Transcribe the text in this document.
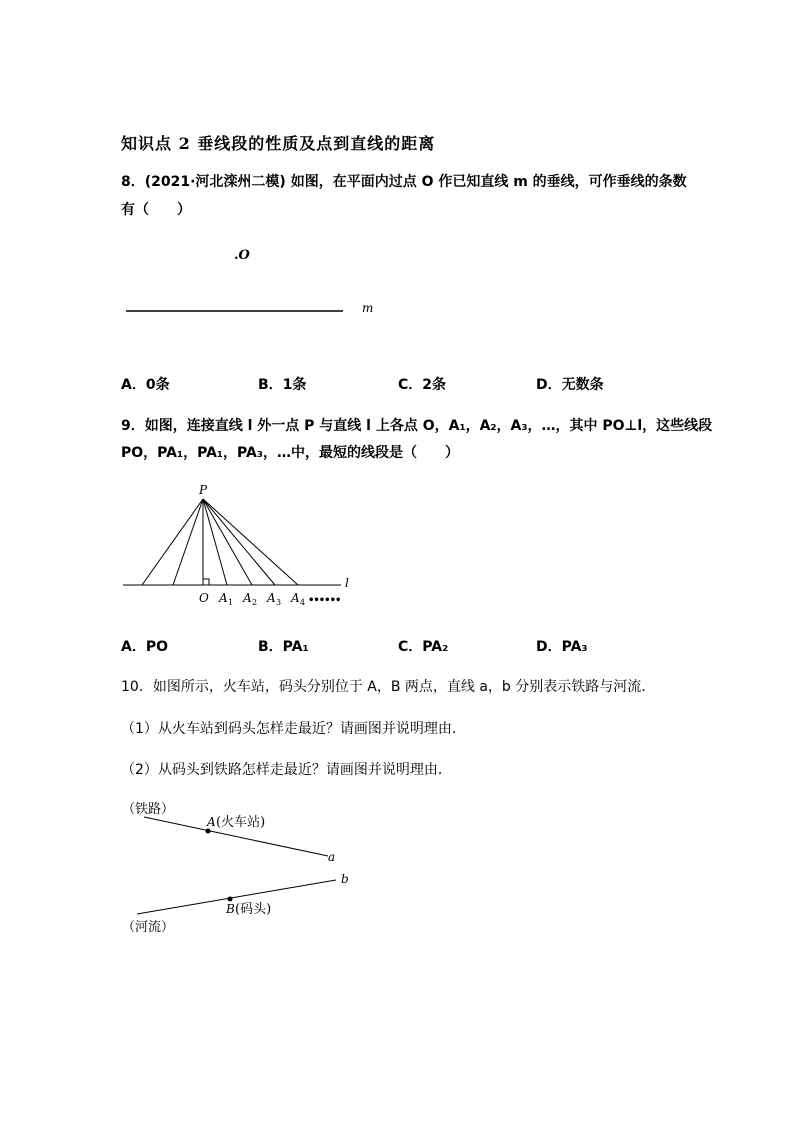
知识点 2 垂线段的性质及点到直线的距离
8．(2021·河北滦州二模) 如图，在平面内过点 O 作已知直线 m 的垂线，可作垂线的条数
有（　　）
.O
m
A．0条	B．1条	C．2条	D．无数条
9．如图，连接直线 l 外一点 P 与直线 l 上各点 O，A₁，A₂，A₃，…，其中 PO⊥l，这些线段
PO，PA₁，PA₁，PA₃，…中，最短的线段是（　　）
P
l
O A 1 A 2 A 3 A 4 ••••••
A．PO	B．PA₁	C．PA₂	D．PA₃
10．如图所示，火车站，码头分别位于 A，B 两点，直线 a，b 分别表示铁路与河流．
（1）从火车站到码头怎样走最近？请画图并说明理由．
（2）从码头到铁路怎样走最近？请画图并说明理由．
（铁路）
A (火车站)
a
b
B (码头)
（河流）
